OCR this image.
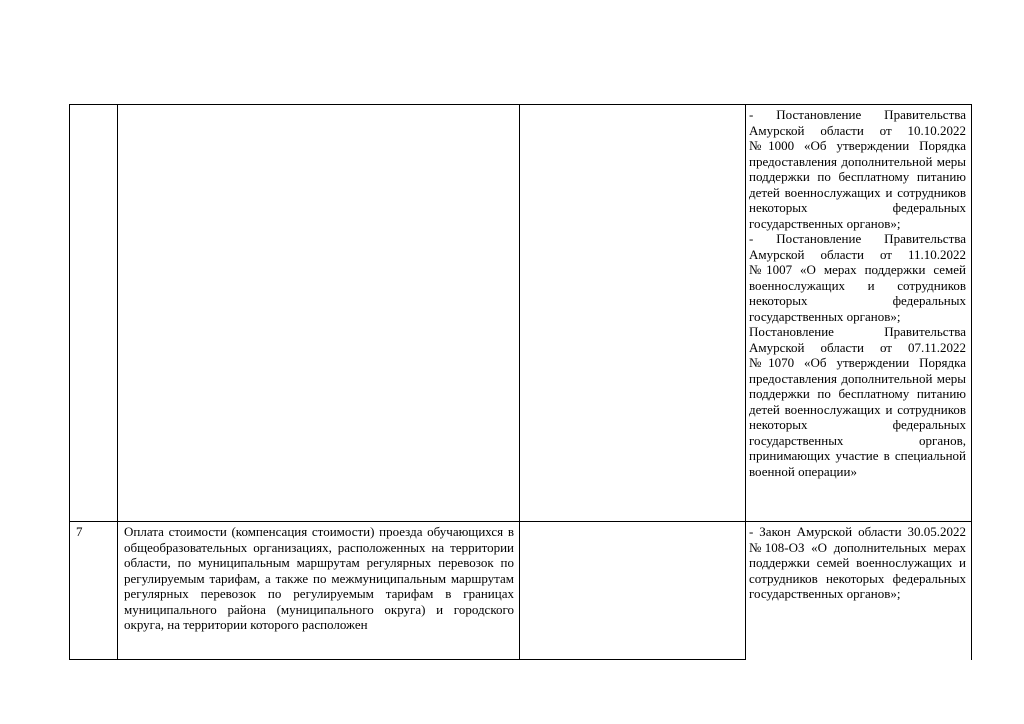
- Постановление Правительства Амурской области от 10.10.2022 №1000 «Об утверждении Порядка предоставления дополнительной меры поддержки по бесплатному питанию детей военнослужащих и сотрудников некоторых федеральных государственных органов»;

- Постановление Правительства Амурской области от 11.10.2022 №1007 «О мерах поддержки семей военнослужащих и сотрудников некоторых федеральных государственных органов»;

Постановление Правительства Амурской области от 07.11.2022 №1070 «Об утверждении Порядка предоставления дополнительной меры поддержки по бесплатному питанию детей военнослужащих и сотрудников некоторых федеральных государственных органов, принимающих участие в специальной военной операции»

7	Оплата стоимости (компенсация стоимости) проезда обучающихся в общеобразовательных организациях, расположенных на территории области, по муниципальным маршрутам регулярных перевозок по регулируемым тарифам, а также по межмуниципальным маршрутам регулярных перевозок по регулируемым тарифам в границах муниципального района (муниципального округа) и городского округа, на территории которого расположен

- Закон Амурской области 30.05.2022 №108-ОЗ «О дополнительных мерах поддержки семей военнослужащих и сотрудников некоторых федеральных государственных органов»;
